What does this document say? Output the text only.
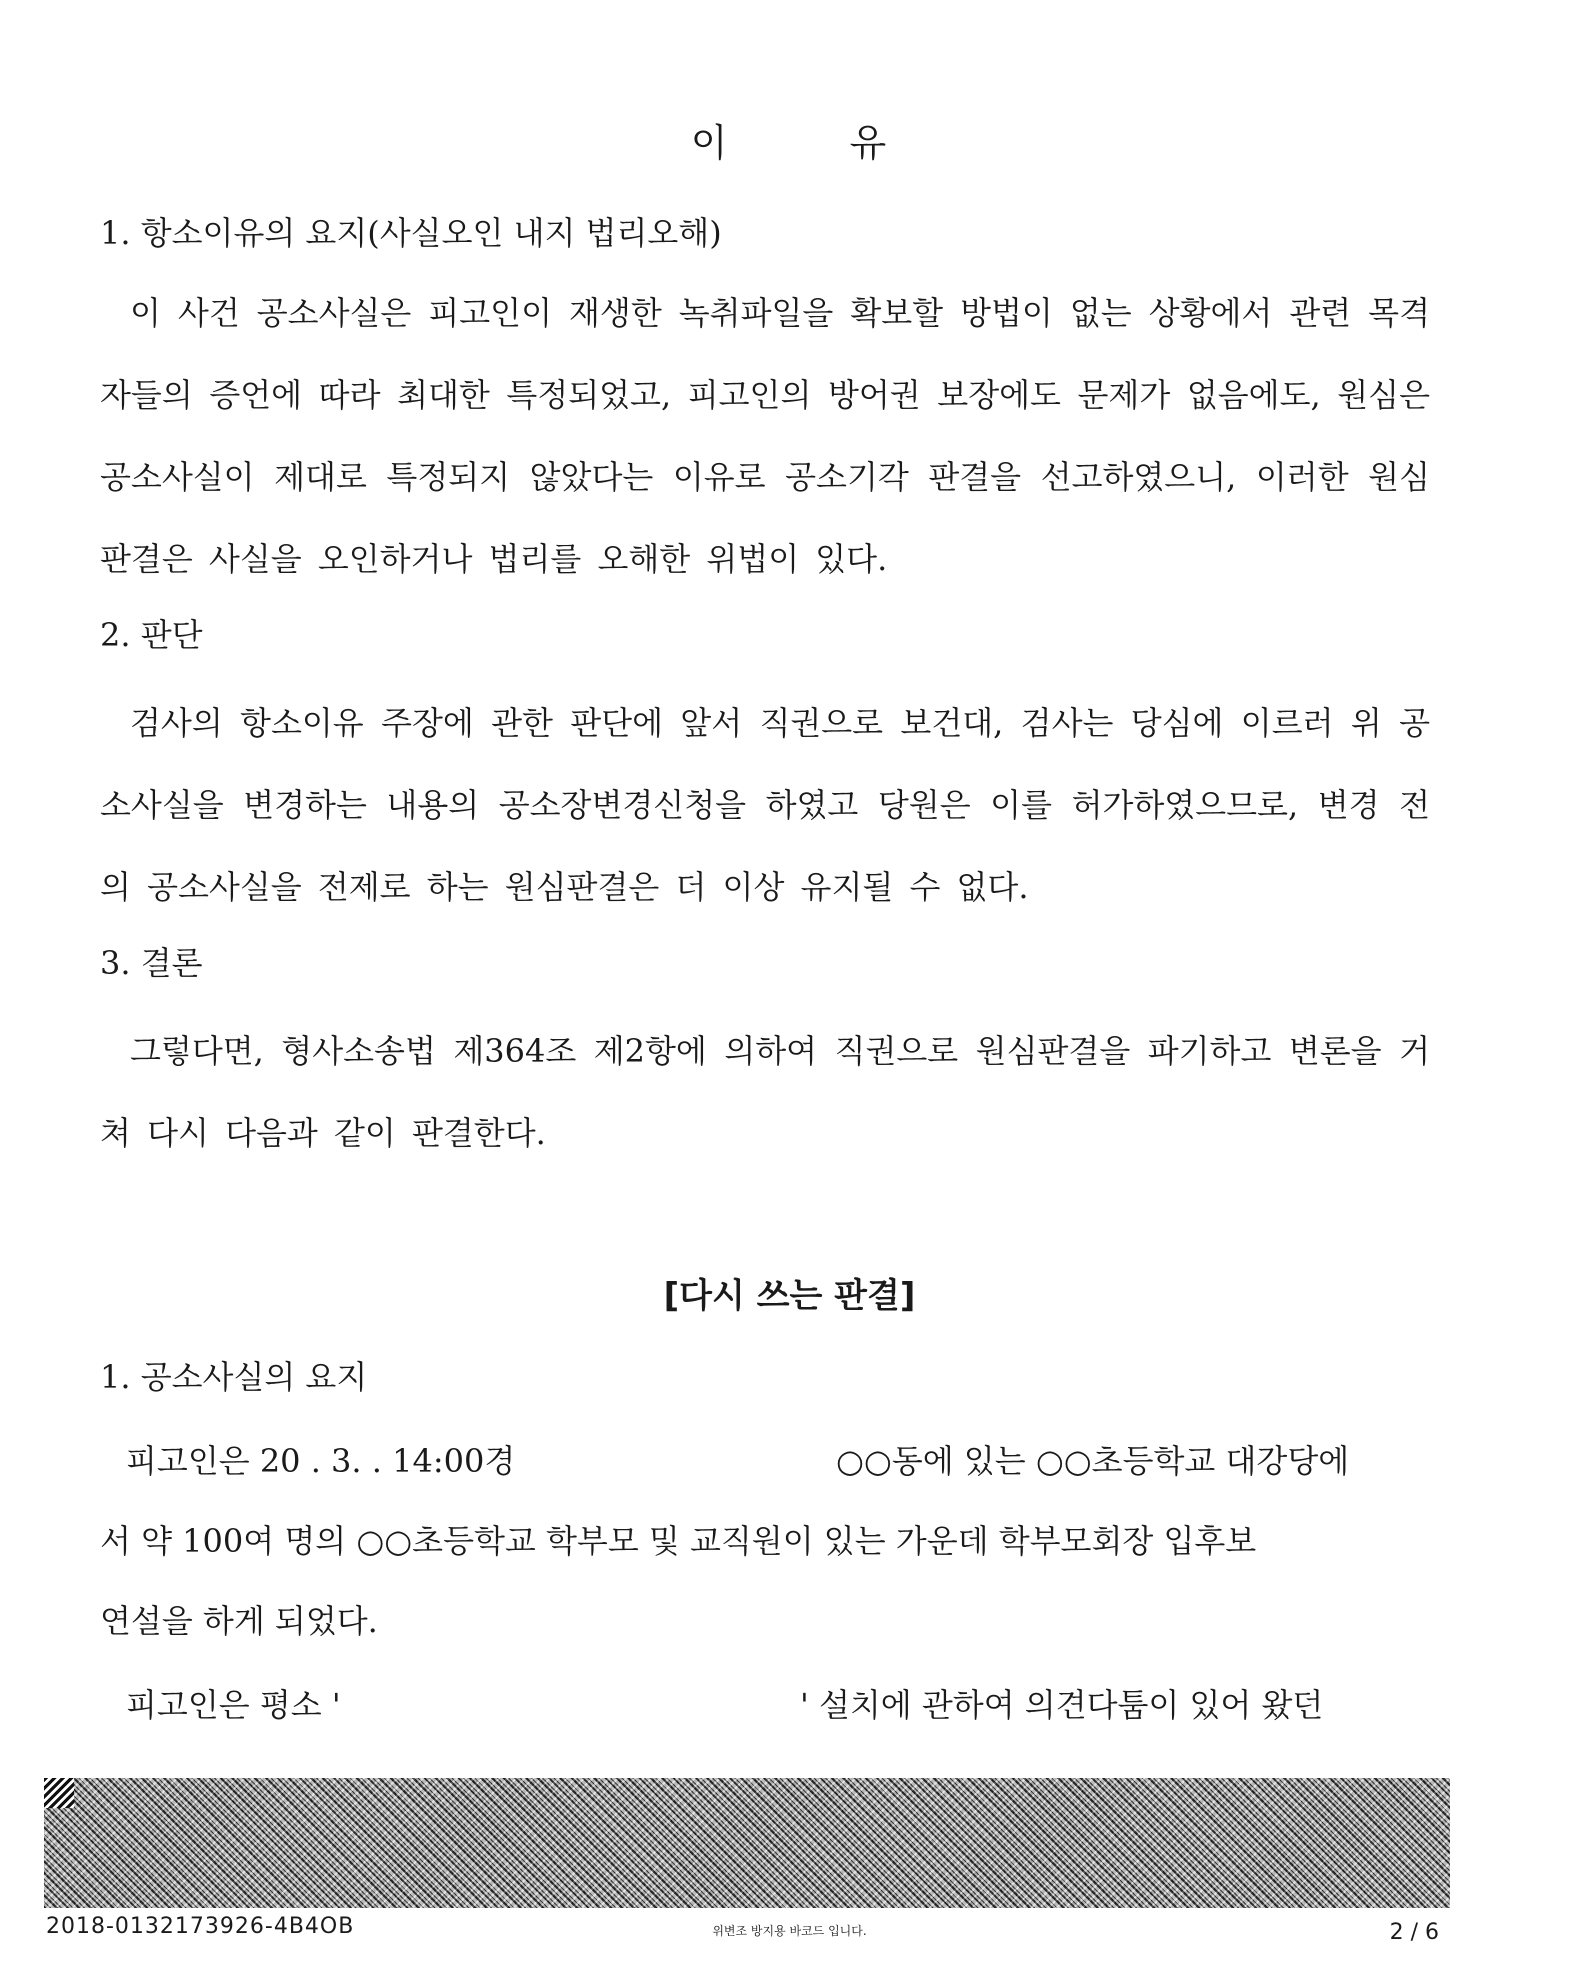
이	유
1. 항소이유의 요지(사실오인 내지 법리오해)
이 사건 공소사실은 피고인이 재생한 녹취파일을 확보할 방법이 없는 상황에서 관련 목격자들의 증언에 따라 최대한 특정되었고, 피고인의 방어권 보장에도 문제가 없음에도, 원심은 공소사실이 제대로 특정되지 않았다는 이유로 공소기각 판결을 선고하였으니, 이러한 원심판결은 사실을 오인하거나 법리를 오해한 위법이 있다.
2. 판단
검사의 항소이유 주장에 관한 판단에 앞서 직권으로 보건대, 검사는 당심에 이르러 위 공소사실을 변경하는 내용의 공소장변경신청을 하였고 당원은 이를 허가하였으므로, 변경 전의 공소사실을 전제로 하는 원심판결은 더 이상 유지될 수 없다.
3. 결론
그렇다면, 형사소송법 제364조 제2항에 의하여 직권으로 원심판결을 파기하고 변론을 거쳐 다시 다음과 같이 판결한다.
[다시 쓰는 판결]
1. 공소사실의 요지
피고인은 20 . 3. . 14:00경	○○동에 있는 ○○초등학교 대강당에
서 약 100여 명의 ○○초등학교 학부모 및 교직원이 있는 가운데 학부모회장 입후보
연설을 하게 되었다.
피고인은 평소 '	' 설치에 관하여 의견다툼이 있어 왔던
2018-0132173926-4B4OB	위변조 방지용 바코드 입니다.	2 / 6
